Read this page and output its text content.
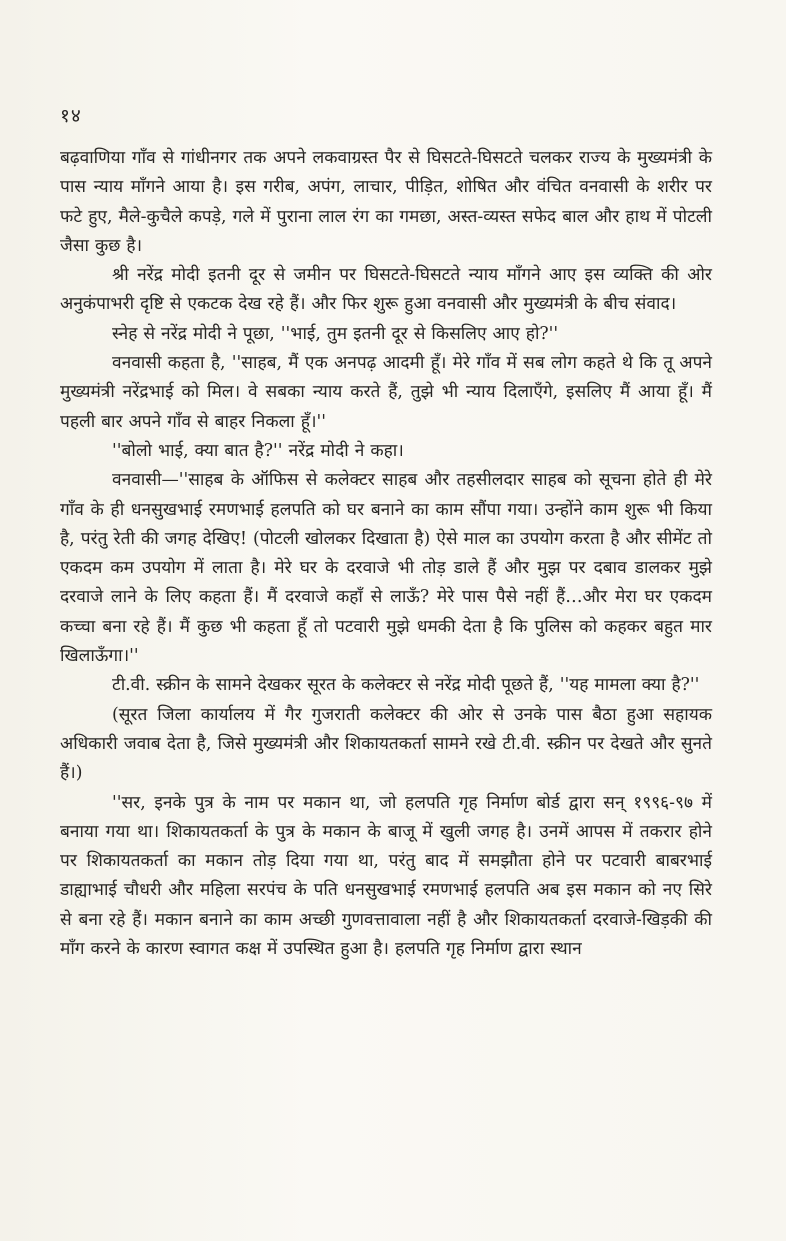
१४

बढ़वाणिया गाँव से गांधीनगर तक अपने लकवाग्रस्त पैर से घिसटते-घिसटते चलकर राज्य के मुख्यमंत्री के पास न्याय माँगने आया है। इस गरीब, अपंग, लाचार, पीड़ित, शोषित और वंचित वनवासी के शरीर पर फटे हुए, मैले-कुचैले कपड़े, गले में पुराना लाल रंग का गमछा, अस्त-व्यस्त सफेद बाल और हाथ में पोटली जैसा कुछ है।

श्री नरेंद्र मोदी इतनी दूर से जमीन पर घिसटते-घिसटते न्याय माँगने आए इस व्यक्ति की ओर अनुकंपाभरी दृष्टि से एकटक देख रहे हैं। और फिर शुरू हुआ वनवासी और मुख्यमंत्री के बीच संवाद।

स्नेह से नरेंद्र मोदी ने पूछा, ''भाई, तुम इतनी दूर से किसलिए आए हो?''

वनवासी कहता है, ''साहब, मैं एक अनपढ़ आदमी हूँ। मेरे गाँव में सब लोग कहते थे कि तू अपने मुख्यमंत्री नरेंद्रभाई को मिल। वे सबका न्याय करते हैं, तुझे भी न्याय दिलाएँगे, इसलिए मैं आया हूँ। मैं पहली बार अपने गाँव से बाहर निकला हूँ।''

''बोलो भाई, क्या बात है?'' नरेंद्र मोदी ने कहा।

वनवासी—''साहब के ऑफिस से कलेक्टर साहब और तहसीलदार साहब को सूचना होते ही मेरे गाँव के ही धनसुखभाई रमणभाई हलपति को घर बनाने का काम सौंपा गया। उन्होंने काम शुरू भी किया है, परंतु रेती की जगह देखिए! (पोटली खोलकर दिखाता है) ऐसे माल का उपयोग करता है और सीमेंट तो एकदम कम उपयोग में लाता है। मेरे घर के दरवाजे भी तोड़ डाले हैं और मुझ पर दबाव डालकर मुझे दरवाजे लाने के लिए कहता हैं। मैं दरवाजे कहाँ से लाऊँ? मेरे पास पैसे नहीं हैं…और मेरा घर एकदम कच्चा बना रहे हैं। मैं कुछ भी कहता हूँ तो पटवारी मुझे धमकी देता है कि पुलिस को कहकर बहुत मार खिलाऊँगा।''

टी.वी. स्क्रीन के सामने देखकर सूरत के कलेक्टर से नरेंद्र मोदी पूछते हैं, ''यह मामला क्या है?''

(सूरत जिला कार्यालय में गैर गुजराती कलेक्टर की ओर से उनके पास बैठा हुआ सहायक अधिकारी जवाब देता है, जिसे मुख्यमंत्री और शिकायतकर्ता सामने रखे टी.वी. स्क्रीन पर देखते और सुनते हैं।)

''सर, इनके पुत्र के नाम पर मकान था, जो हलपति गृह निर्माण बोर्ड द्वारा सन् १९९६-९७ में बनाया गया था। शिकायतकर्ता के पुत्र के मकान के बाजू में खुली जगह है। उनमें आपस में तकरार होने पर शिकायतकर्ता का मकान तोड़ दिया गया था, परंतु बाद में समझौता होने पर पटवारी बाबरभाई डाह्याभाई चौधरी और महिला सरपंच के पति धनसुखभाई रमणभाई हलपति अब इस मकान को नए सिरे से बना रहे हैं। मकान बनाने का काम अच्छी गुणवत्तावाला नहीं है और शिकायतकर्ता दरवाजे-खिड़की की माँग करने के कारण स्वागत कक्ष में उपस्थित हुआ है। हलपति गृह निर्माण द्वारा स्थान
